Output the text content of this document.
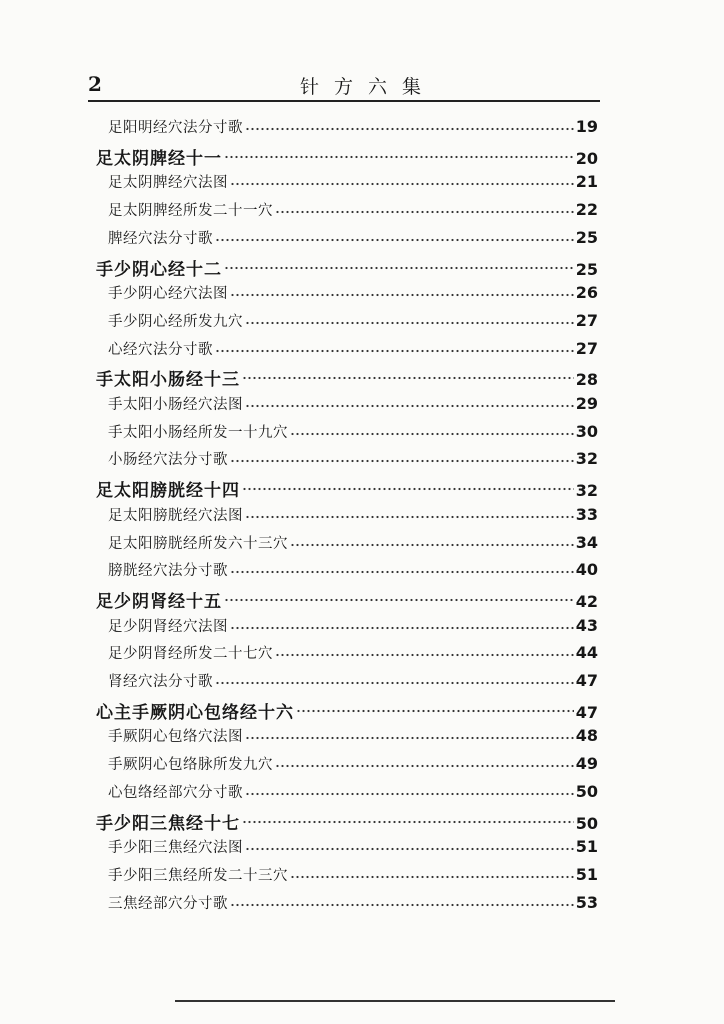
2	针方六集
足阳明经穴法分寸歌	19
足太阴脾经十一	20
足太阴脾经穴法图	21
足太阴脾经所发二十一穴	22
脾经穴法分寸歌	25
手少阴心经十二	25
手少阴心经穴法图	26
手少阴心经所发九穴	27
心经穴法分寸歌	27
手太阳小肠经十三	28
手太阳小肠经穴法图	29
手太阳小肠经所发一十九穴	30
小肠经穴法分寸歌	32
足太阳膀胱经十四	32
足太阳膀胱经穴法图	33
足太阳膀胱经所发六十三穴	34
膀胱经穴法分寸歌	40
足少阴肾经十五	42
足少阴肾经穴法图	43
足少阴肾经所发二十七穴	44
肾经穴法分寸歌	47
心主手厥阴心包络经十六	47
手厥阴心包络穴法图	48
手厥阴心包络脉所发九穴	49
心包络经部穴分寸歌	50
手少阳三焦经十七	50
手少阳三焦经穴法图	51
手少阳三焦经所发二十三穴	51
三焦经部穴分寸歌	53
